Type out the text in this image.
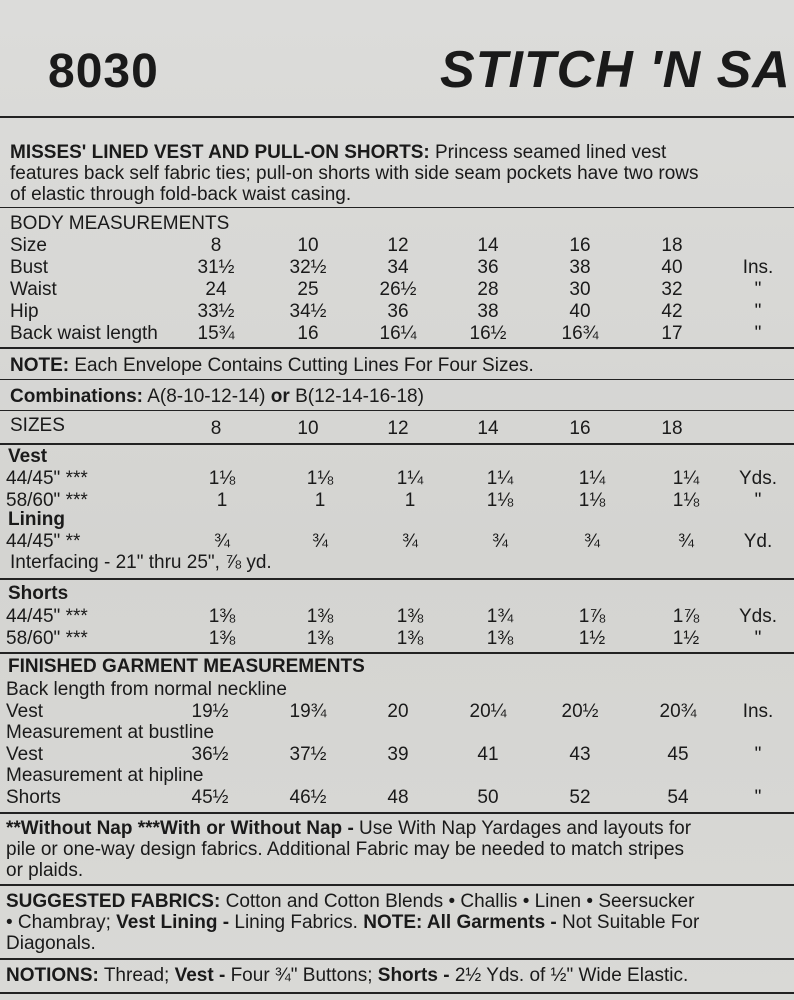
8030	STITCH 'N SA
MISSES' LINED VEST AND PULL-ON SHORTS: Princess seamed lined vest
features back self fabric ties; pull-on shorts with side seam pockets have two rows
of elastic through fold-back waist casing.
BODY MEASUREMENTS
Size	8	10	12	14	16	18
Bust	31½	32½	34	36	38	40	Ins.
Waist	24	25	26½	28	30	32	"
Hip	33½	34½	36	38	40	42	"
Back waist length	15¾	16	16¼	16½	16¾	17	"
NOTE: Each Envelope Contains Cutting Lines For Four Sizes.
Combinations: A(8-10-12-14) or B(12-14-16-18)
SIZES	8	10	12	14	16	18
Vest
44/45" ***	1⅛	1⅛	1¼	1¼	1¼	1¼	Yds.
58/60" ***	1	1	1	1⅛	1⅛	1⅛	"
Lining
44/45" **	¾	¾	¾	¾	¾	¾	Yd.
Interfacing - 21" thru 25", ⅞ yd.
Shorts
44/45" ***	1⅜	1⅜	1⅜	1¾	1⅞	1⅞	Yds.
58/60" ***	1⅜	1⅜	1⅜	1⅜	1½	1½	"
FINISHED GARMENT MEASUREMENTS
Back length from normal neckline
Vest	19½	19¾	20	20¼	20½	20¾	Ins.
Measurement at bustline
Vest	36½	37½	39	41	43	45	"
Measurement at hipline
Shorts	45½	46½	48	50	52	54	"
**Without Nap ***With or Without Nap - Use With Nap Yardages and layouts for
pile or one-way design fabrics. Additional Fabric may be needed to match stripes
or plaids.
SUGGESTED FABRICS: Cotton and Cotton Blends • Challis • Linen • Seersucker
• Chambray; Vest Lining - Lining Fabrics. NOTE: All Garments - Not Suitable For
Diagonals.
NOTIONS: Thread; Vest - Four ¾" Buttons; Shorts - 2½ Yds. of ½" Wide Elastic.
